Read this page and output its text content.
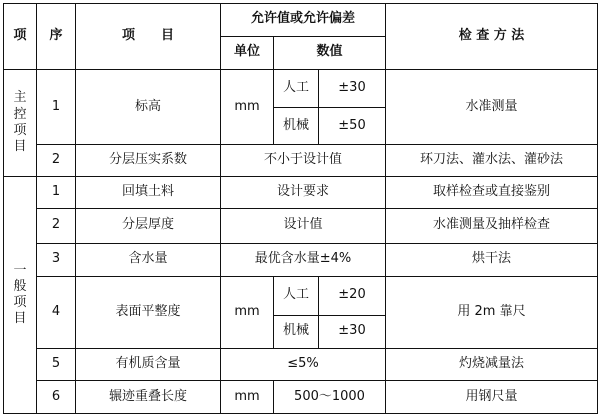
项	序	项　　目	允许值或允许偏差			检 查 方 法
			单位	数值		
主控项目	1	标高	mm	人工	±30	水准测量
				机械	±50	
	2	分层压实系数	不小于设计值			环刀法、灌水法、灌砂法
一般项目	1	回填土料	设计要求			取样检查或直接鉴别
	2	分层厚度	设计值			水准测量及抽样检查
	3	含水量	最优含水量±4%			烘干法
	4	表面平整度	mm	人工	±20	用 2m 靠尺
				机械	±30	
	5	有机质含量	≤5%			灼烧减量法
	6	辗迹重叠长度	mm	500～1000		用钢尺量
